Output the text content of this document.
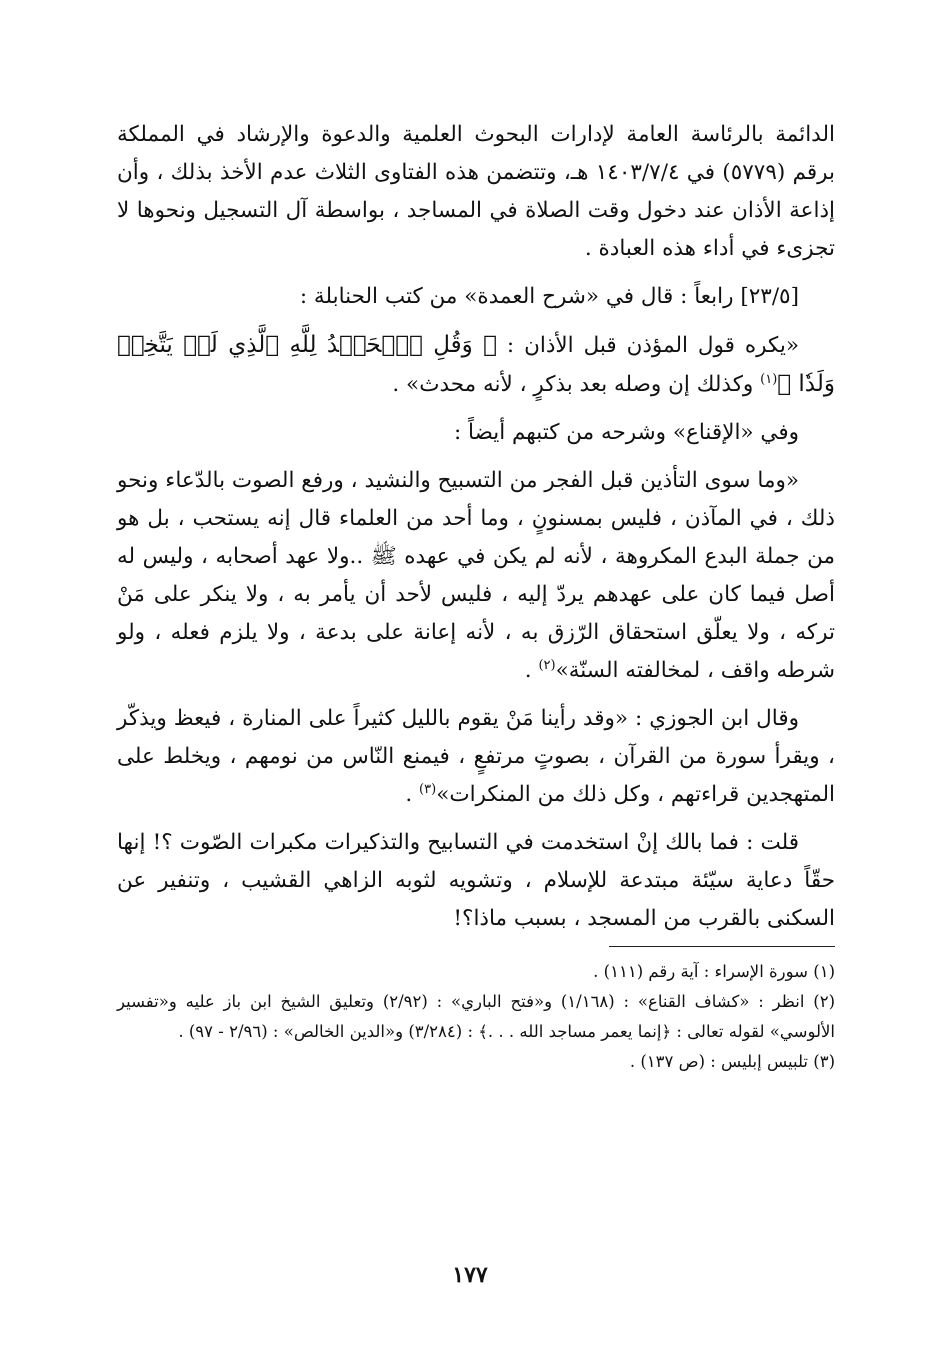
الدائمة بالرئاسة العامة لإدارات البحوث العلمية والدعوة والإرشاد في المملكة برقم (٥٧٧٩) في ١٤٠٣/٧/٤ هـ، وتتضمن هذه الفتاوى الثلاث عدم الأخذ بذلك ، وأن إذاعة الأذان عند دخول وقت الصلاة في المساجد ، بواسطة آل التسجيل ونحوها لا تجزىء في أداء هذه العبادة .

[٢٣/٥] رابعاً : قال في «شرح العمدة» من كتب الحنابلة :

«يكره قول المؤذن قبل الأذان : ﴿ وَقُلِ ٱلۡحَمۡدُ لِلَّهِ ٱلَّذِي لَمۡ يَتَّخِذۡ وَلَدٗا ﴾$^{(١)}$ وكذلك إن وصله بعد بذكرٍ ، لأنه محدث» .

وفي «الإقناع» وشرحه من كتبهم أيضاً :

«وما سوى التأذين قبل الفجر من التسبيح والنشيد ، ورفع الصوت بالدّعاء ونحو ذلك ، في المآذن ، فليس بمسنونٍ ، وما أحد من العلماء قال إنه يستحب ، بل هو من جملة البدع المكروهة ، لأنه لم يكن في عهده ﷺ ..ولا عهد أصحابه ، وليس له أصل فيما كان على عهدهم يردّ إليه ، فليس لأحد أن يأمر به ، ولا ينكر على مَنْ تركه ، ولا يعلّق استحقاق الرّزق به ، لأنه إعانة على بدعة ، ولا يلزم فعله ، ولو شرطه واقف ، لمخالفته السنّة»$^{(٢)}$ .

وقال ابن الجوزي : «وقد رأينا مَنْ يقوم بالليل كثيراً على المنارة ، فيعظ ويذكّر ، ويقرأ سورة من القرآن ، بصوتٍ مرتفعٍ ، فيمنع النّاس من نومهم ، ويخلط على المتهجدين قراءتهم ، وكل ذلك من المنكرات»$^{(٣)}$ .

قلت : فما بالك إنْ استخدمت في التسابيح والتذكيرات مكبرات الصّوت ؟! إنها حقّاً دعاية سيّئة مبتدعة للإسلام ، وتشويه لثوبه الزاهي القشيب ، وتنفير عن السكنى بالقرب من المسجد ، بسبب ماذا؟!

(١) سورة الإسراء : آية رقم (١١١) .

(٢) انظر : «كشاف القناع» : (١/١٦٨) و«فتح الباري» : (٢/٩٢) وتعليق الشيخ ابن باز عليه و«تفسير الألوسي» لقوله تعالى : ﴿إنما يعمر مساجد الله . . .﴾ : (٣/٢٨٤) و«الدين الخالص» : (٢/٩٦ - ٩٧) .

(٣) تلبيس إبليس : (ص ١٣٧) .

١٧٧
